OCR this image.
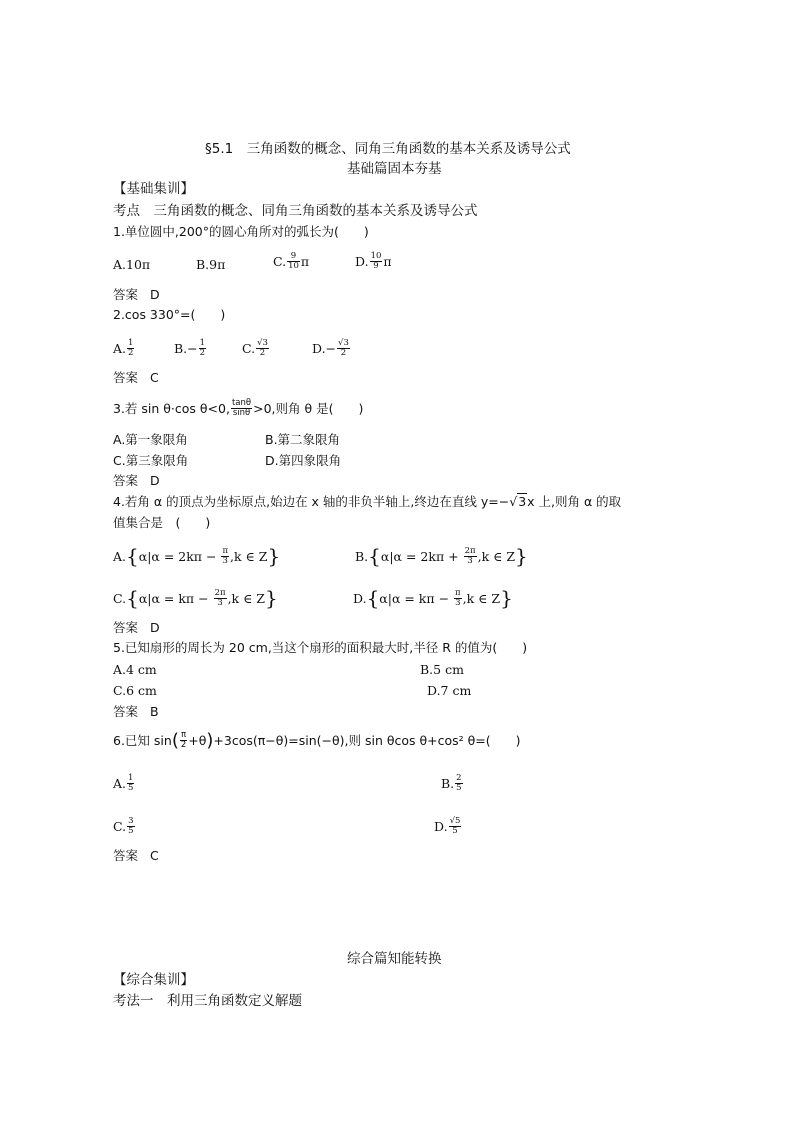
§5.1　三角函数的概念、同角三角函数的基本关系及诱导公式
基础篇固本夯基
【基础集训】
考点　三角函数的概念、同角三角函数的基本关系及诱导公式
1.单位圆中,200°的圆心角所对的弧长为(　　)
A.10π	B.9π	C. $\frac{9}{10}$ π	D. $\frac{10}{9}$ π
答案 D
2.cos 330°=(　　)
A. $\frac{1}{2}$	$B.- \frac{1}{2}$	C. $\frac{√3}{2}$	$D.- \frac{√3}{2}$
答案 C
3.若 sin θ·cos θ<0, $\frac{\tan\theta}{\sin\theta} >0$,则角 θ 是(　　)
A.第一象限角	B.第二象限角
C.第三象限角	D.第四象限角
答案 D
4.若角 α 的顶点为坐标原点,始边在 x 轴的非负半轴上,终边在直线 y=−√3x 上,则角 α 的取
值集合是　(　　)
$A.\{\alpha|\alpha = 2k\pi - \frac{\pi}{3} ,k$ ∈ Z}	$B.\{\alpha|\alpha = 2k\pi + \frac{2\pi}{3} ,k$ ∈ Z}
$C.\{\alpha|\alpha = k\pi - \frac{2\pi}{3} ,k$ ∈ Z}	$D.\{\alpha|\alpha = k\pi - \frac{\pi}{3} ,k$ ∈ Z}
答案 D
5.已知扇形的周长为 20 cm,当这个扇形的面积最大时,半径 R 的值为(　　)
A.4 cm	B.5 cm
C.6 cm	D.7 cm
答案 B
6.已知 $\sin( \frac{\pi}{2} +\theta)+3\cos(\pi-\theta)=\sin(-\theta)$,则 sin θcos θ+cos² θ=(　　)
A. $\frac{1}{5}$	B. $\frac{2}{5}$
C. $\frac{3}{5}$	D. $\frac{√5}{5}$
答案 C
综合篇知能转换
【综合集训】
考法一　利用三角函数定义解题
